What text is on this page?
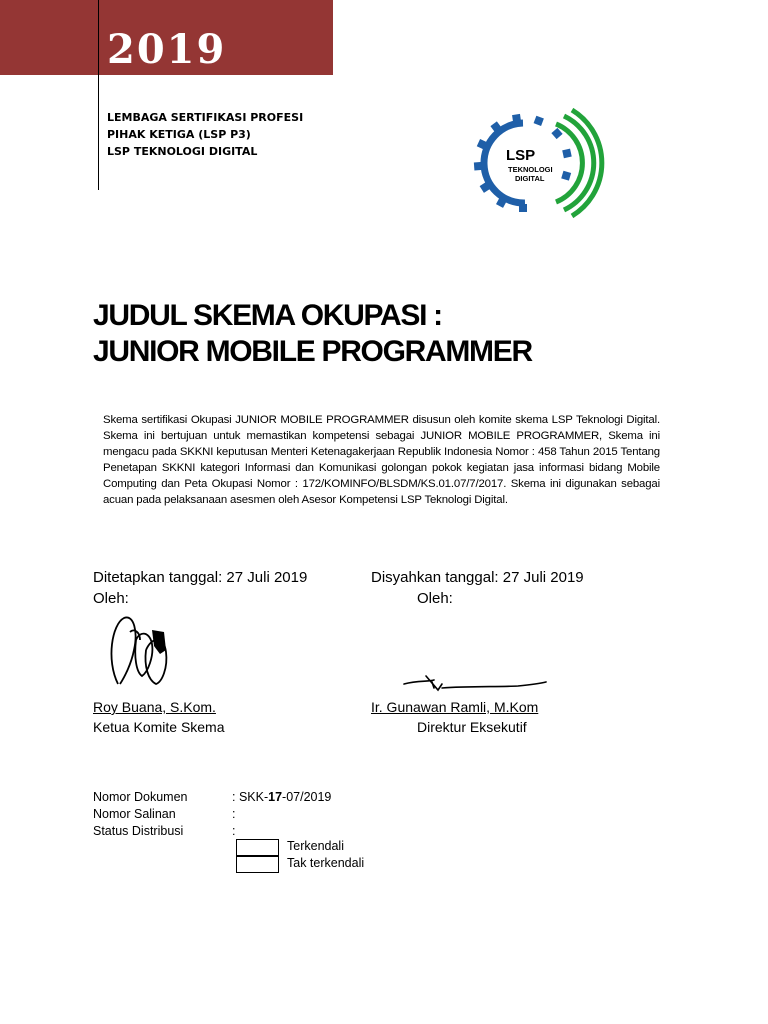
2019
LEMBAGA SERTIFIKASI PROFESI
PIHAK KETIGA (LSP P3)
LSP TEKNOLOGI DIGITAL	LSP
TEKNOLOGI
DIGITAL
JUDUL SKEMA OKUPASI :
JUNIOR MOBILE PROGRAMMER
Skema sertifikasi Okupasi JUNIOR MOBILE PROGRAMMER disusun oleh komite skema LSP Teknologi Digital. Skema ini bertujuan untuk memastikan kompetensi sebagai JUNIOR MOBILE PROGRAMMER, Skema ini mengacu pada SKKNI keputusan Menteri Ketenagakerjaan Republik Indonesia Nomor : 458 Tahun 2015 Tentang Penetapan SKKNI kategori Informasi dan Komunikasi golongan pokok kegiatan jasa informasi bidang Mobile Computing dan Peta Okupasi Nomor : 172/KOMINFO/BLSDM/KS.01.07/7/2017. Skema ini digunakan sebagai acuan pada pelaksanaan asesmen oleh Asesor Kompetensi LSP Teknologi Digital.
Ditetapkan tanggal: 27 Juli 2019
Oleh:
Disyahkan tanggal: 27 Juli 2019
Oleh:
Roy Buana, S.Kom.
Ketua Komite Skema
Ir. Gunawan Ramli, M.Kom
Direktur Eksekutif
Nomor Dokumen	: SKK-17-07/2019
Nomor Salinan	:
Status Distribusi	:
Terkendali
Tak terkendali
